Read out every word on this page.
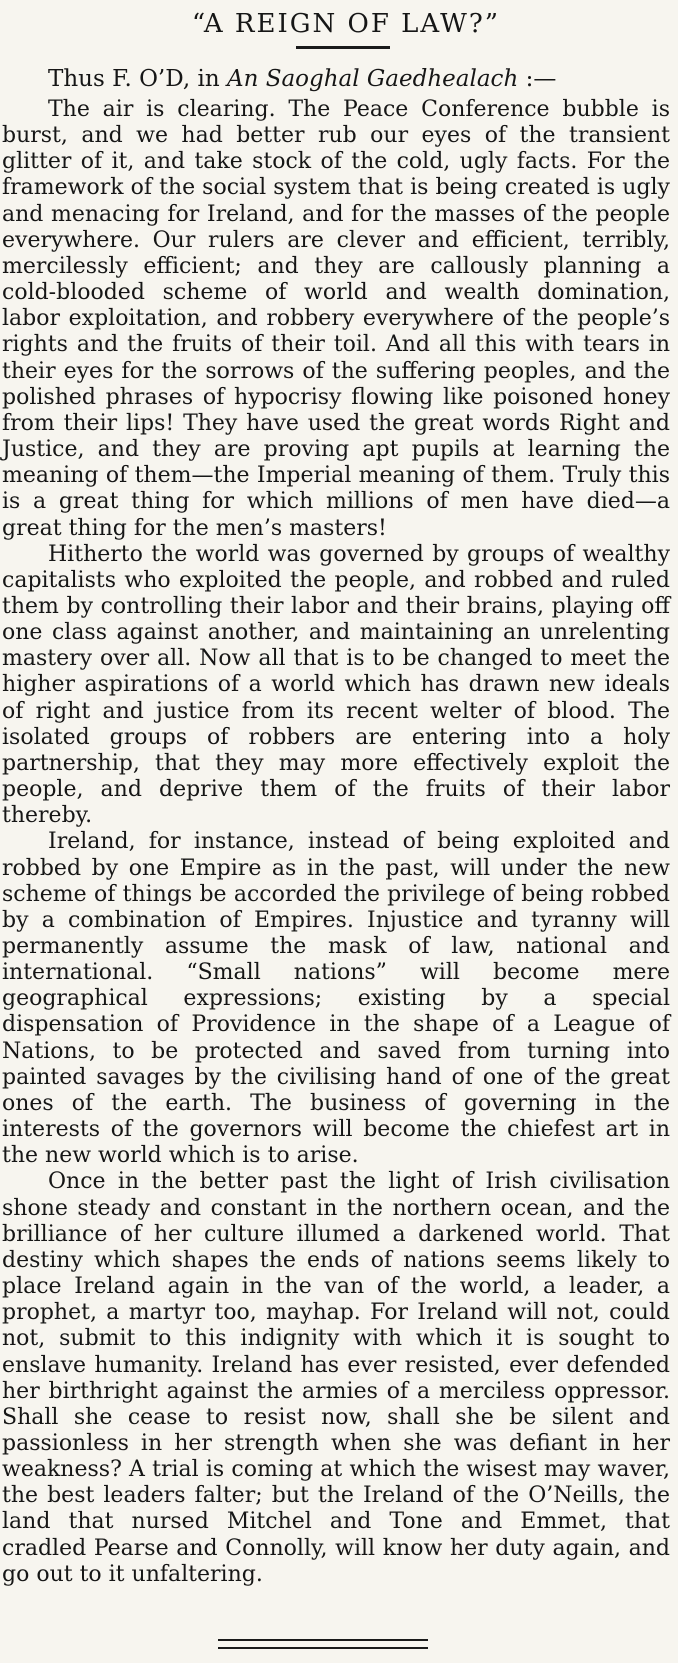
“A REIGN OF LAW?”

Thus F. O’D, in An Saoghal Gaedhealach :—

The air is clearing. The Peace Conference bubble is burst, and we had better rub our eyes of the transient glitter of it, and take stock of the cold, ugly facts. For the framework of the social system that is being created is ugly and menacing for Ireland, and for the masses of the people everywhere. Our rulers are clever and efficient, terribly, mercilessly efficient; and they are callously planning a cold-blooded scheme of world and wealth domination, labor exploitation, and robbery everywhere of the people’s rights and the fruits of their toil. And all this with tears in their eyes for the sorrows of the suffering peoples, and the polished phrases of hypocrisy flowing like poisoned honey from their lips! They have used the great words Right and Justice, and they are proving apt pupils at learning the meaning of them—the Imperial meaning of them. Truly this is a great thing for which millions of men have died—a great thing for the men’s masters!

Hitherto the world was governed by groups of wealthy capitalists who exploited the people, and robbed and ruled them by controlling their labor and their brains, playing off one class against another, and maintaining an unrelenting mastery over all. Now all that is to be changed to meet the higher aspirations of a world which has drawn new ideals of right and justice from its recent welter of blood. The isolated groups of robbers are entering into a holy partnership, that they may more effectively exploit the people, and deprive them of the fruits of their labor thereby.

Ireland, for instance, instead of being exploited and robbed by one Empire as in the past, will under the new scheme of things be accorded the privilege of being robbed by a combination of Empires. Injustice and tyranny will permanently assume the mask of law, national and international. “Small nations” will become mere geographical expressions; existing by a special dispensation of Providence in the shape of a League of Nations, to be protected and saved from turning into painted savages by the civilising hand of one of the great ones of the earth. The business of governing in the interests of the governors will become the chiefest art in the new world which is to arise.

Once in the better past the light of Irish civilisation shone steady and constant in the northern ocean, and the brilliance of her culture illumed a darkened world. That destiny which shapes the ends of nations seems likely to place Ireland again in the van of the world, a leader, a prophet, a martyr too, mayhap. For Ireland will not, could not, submit to this indignity with which it is sought to enslave humanity. Ireland has ever resisted, ever defended her birthright against the armies of a merciless oppressor. Shall she cease to resist now, shall she be silent and passionless in her strength when she was defiant in her weakness? A trial is coming at which the wisest may waver, the best leaders falter; but the Ireland of the O’Neills, the land that nursed Mitchel and Tone and Emmet, that cradled Pearse and Connolly, will know her duty again, and go out to it unfaltering.
